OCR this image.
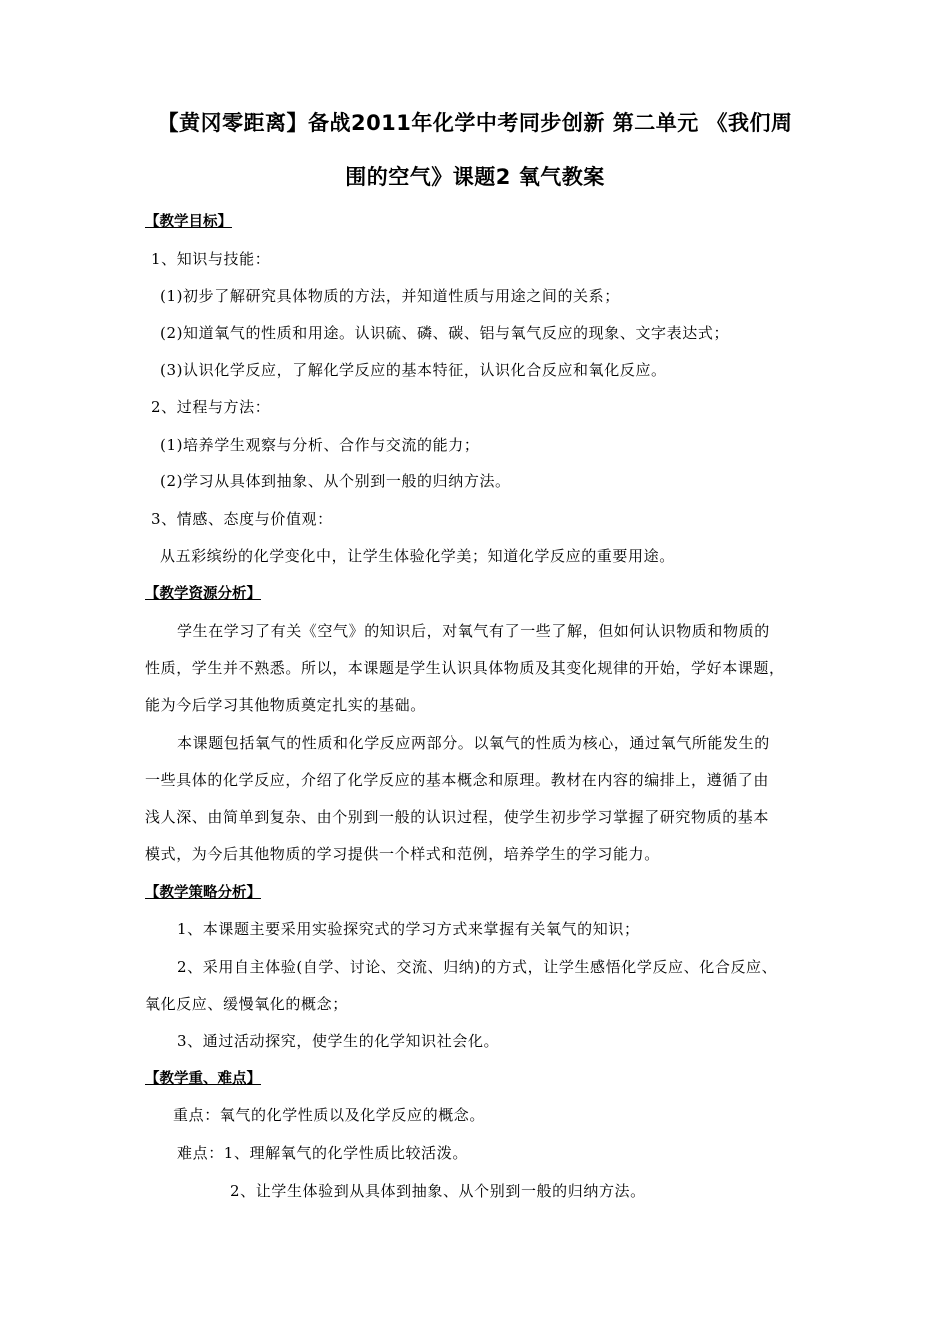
【黄冈零距离】备战2011年化学中考同步创新 第二单元 《我们周
围的空气》课题2 氧气教案
【教学目标】
1、知识与技能：
(1)初步了解研究具体物质的方法，并知道性质与用途之间的关系；
(2)知道氧气的性质和用途。认识硫、磷、碳、铝与氧气反应的现象、文字表达式；
(3)认识化学反应，了解化学反应的基本特征，认识化合反应和氧化反应。
2、过程与方法：
(1)培养学生观察与分析、合作与交流的能力；
(2)学习从具体到抽象、从个别到一般的归纳方法。
3、情感、态度与价值观：
从五彩缤纷的化学变化中，让学生体验化学美；知道化学反应的重要用途。
【教学资源分析】
学生在学习了有关《空气》的知识后，对氧气有了一些了解，但如何认识物质和物质的
性质，学生并不熟悉。所以，本课题是学生认识具体物质及其变化规律的开始，学好本课题，
能为今后学习其他物质奠定扎实的基础。
本课题包括氧气的性质和化学反应两部分。以氧气的性质为核心，通过氧气所能发生的
一些具体的化学反应，介绍了化学反应的基本概念和原理。教材在内容的编排上，遵循了由
浅人深、由简单到复杂、由个别到一般的认识过程，使学生初步学习掌握了研究物质的基本
模式，为今后其他物质的学习提供一个样式和范例，培养学生的学习能力。
【教学策略分析】
1、本课题主要采用实验探究式的学习方式来掌握有关氧气的知识；
2、采用自主体验(自学、讨论、交流、归纳)的方式，让学生感悟化学反应、化合反应、
氧化反应、缓慢氧化的概念；
3、通过活动探究，使学生的化学知识社会化。
【教学重、难点】
重点：氧气的化学性质以及化学反应的概念。
难点：1、理解氧气的化学性质比较活泼。
2、让学生体验到从具体到抽象、从个别到一般的归纳方法。
